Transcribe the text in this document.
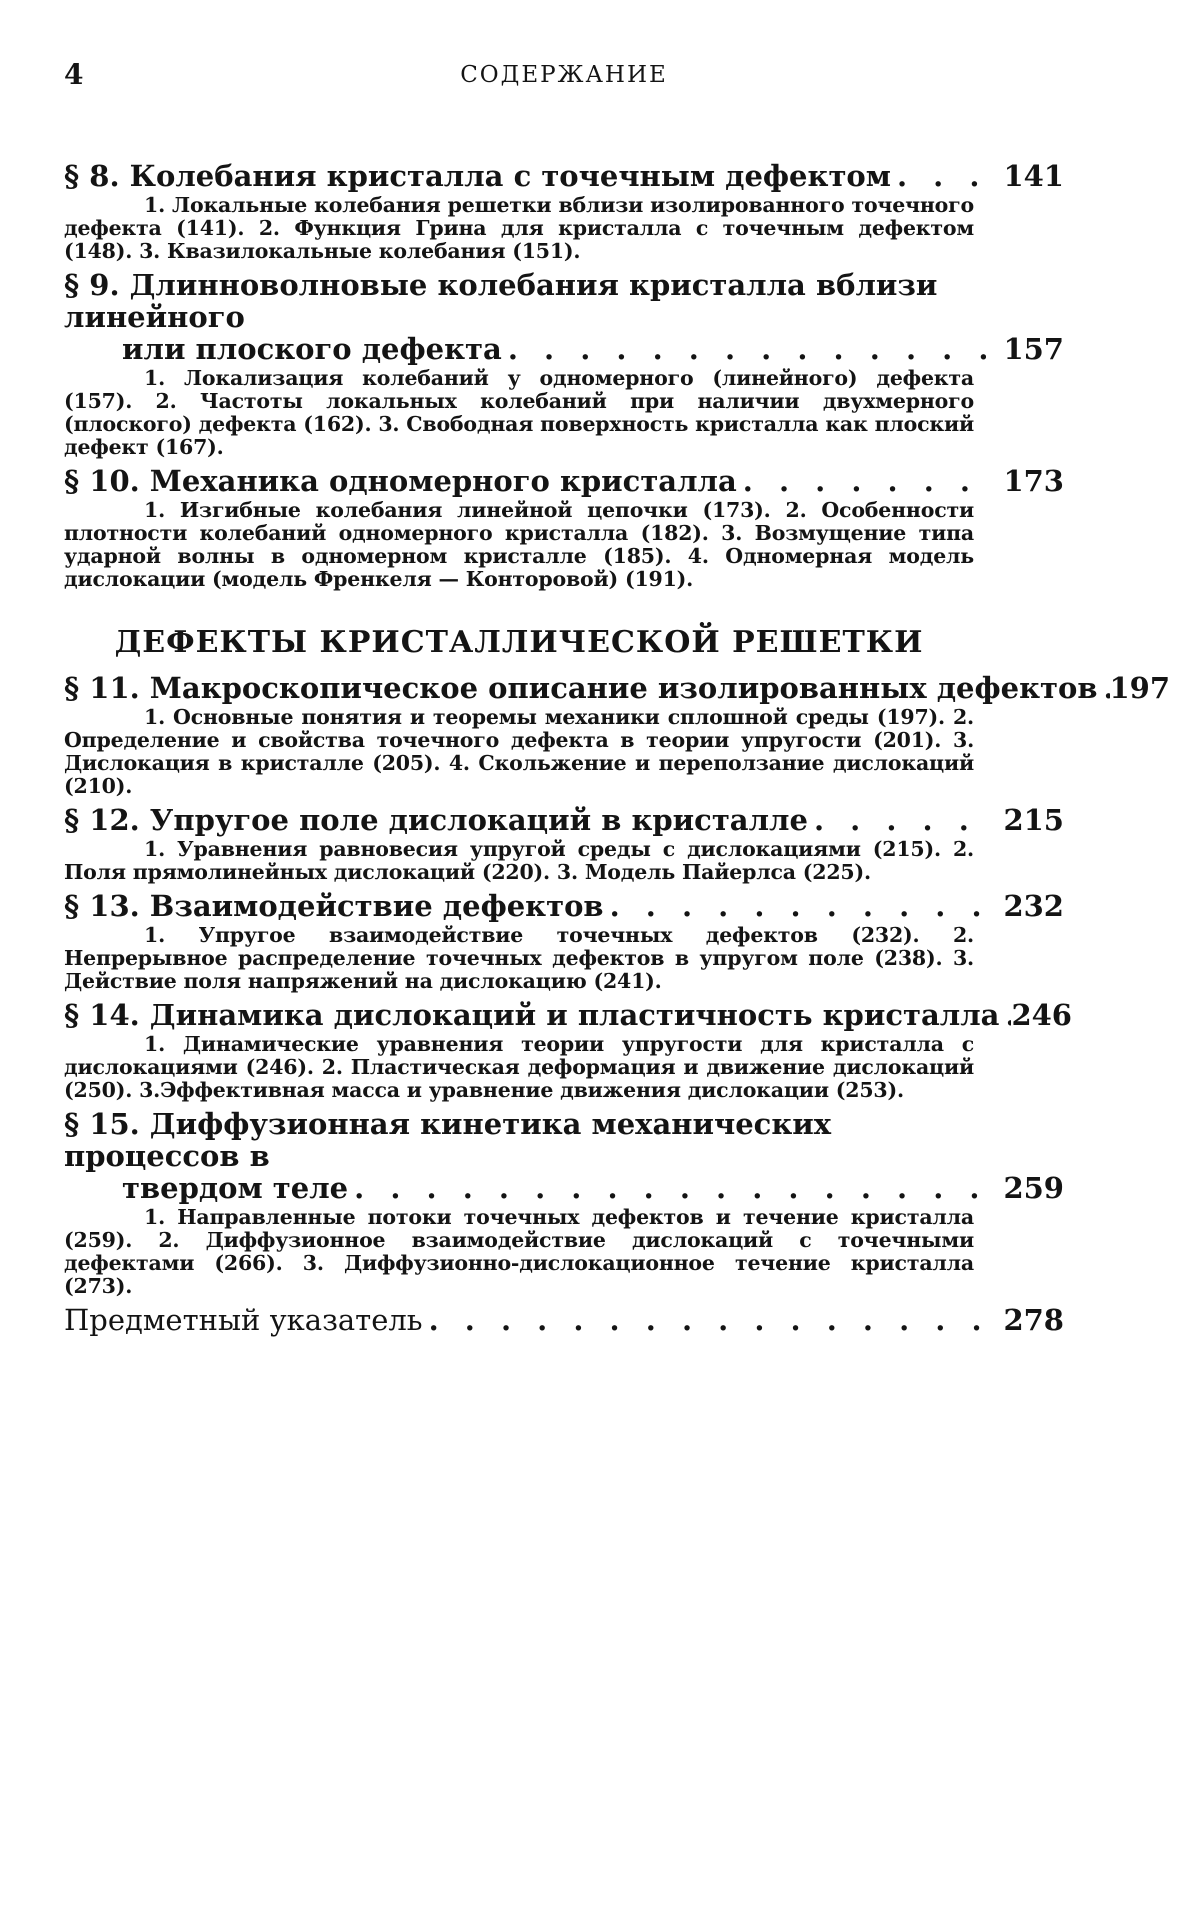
4	СОДЕРЖАНИЕ
§ 8. Колебания кристалла с точечным дефектом . . .	141
1. Локальные колебания решетки вблизи изолированного точечного дефекта (141). 2. Функция Грина для кристалла с точечным дефектом (148). 3. Квазилокальные колебания (151).
§ 9. Длинноволновые колебания кристалла вблизи линейного
или плоского дефекта . . .	157
1. Локализация колебаний у одномерного (линейного) дефекта (157). 2. Частоты локальных колебаний при наличии двухмерного (плоского) дефекта (162). 3. Свободная поверхность кристалла как плоский дефект (167).
§ 10. Механика одномерного кристалла . . .	173
1. Изгибные колебания линейной цепочки (173). 2. Особенности плотности колебаний одномерного кристалла (182). 3. Возмущение типа ударной волны в одномерном кристалле (185). 4. Одномерная модель дислокации (модель Френкеля — Конторовой) (191).
ДЕФЕКТЫ КРИСТАЛЛИЧЕСКОЙ РЕШЕТКИ
§ 11. Макроскопическое описание изолированных дефектов . . . 197
1. Основные понятия и теоремы механики сплошной среды (197). 2. Определение и свойства точечного дефекта в теории упругости (201). 3. Дислокация в кристалле (205). 4. Скольжение и переползание дислокаций (210).
§ 12. Упругое поле дислокаций в кристалле . . .	215
1. Уравнения равновесия упругой среды с дислокациями (215). 2. Поля прямолинейных дислокаций (220). 3. Модель Пайерлса (225).
§ 13. Взаимодействие дефектов . . .	232
1. Упругое взаимодействие точечных дефектов (232). 2. Непрерывное распределение точечных дефектов в упругом поле (238). 3. Действие поля напряжений на дислокацию (241).
§ 14. Динамика дислокаций и пластичность кристалла . . . 246
1. Динамические уравнения теории упругости для кристалла с дислокациями (246). 2. Пластическая деформация и движение дислокаций (250). 3.Эффективная масса и уравнение движения дислокации (253).
§ 15. Диффузионная кинетика механических процессов в
твердом теле . . .	259
1. Направленные потоки точечных дефектов и течение кристалла (259). 2. Диффузионное взаимодействие дислокаций с точечными дефектами (266). 3. Диффузионно-дислокационное течение кристалла (273).
Предметный указатель . . .	278
